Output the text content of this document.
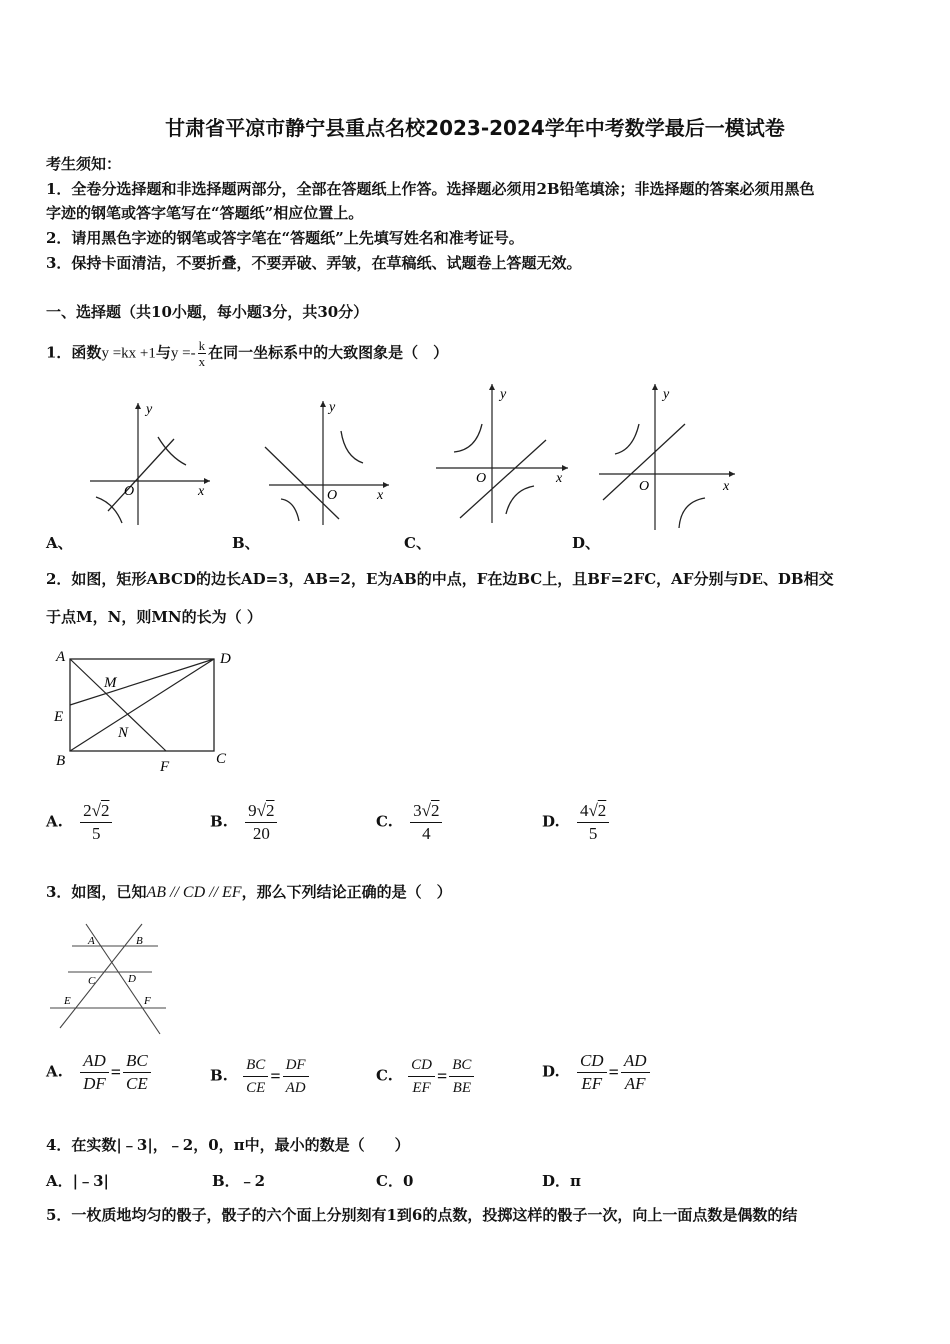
甘肃省平凉市静宁县重点名校2023-2024学年中考数学最后一模试卷
考生须知：
1．全卷分选择题和非选择题两部分，全部在答题纸上作答。选择题必须用2B铅笔填涂；非选择题的答案必须用黑色
字迹的钢笔或答字笔写在“答题纸”相应位置上。
2．请用黑色字迹的钢笔或答字笔在“答题纸”上先填写姓名和准考证号。
3．保持卡面清洁，不要折叠，不要弄破、弄皱，在草稿纸、试题卷上答题无效。
一、选择题（共10小题，每小题3分，共30分）
1．函数y =kx +1与$y =- \frac{k}{x}$ 在同一坐标系中的大致图象是（　）
y
x
O
A、
y
x
O
B、
y
x
O
C、
y
x
O
D、
2．如图，矩形ABCD的边长AD=3，AB=2，E为AB的中点，F在边BC上，且BF=2FC，AF分别与DE、DB相交
于点M，N，则MN的长为（ ）
A	D
E
B	C
F
M
N
A. $\frac{2√2}{5}$	B. $\frac{9√2}{20}$	C. $\frac{3√2}{4}$	D. $\frac{4√2}{5}$
3．如图，已知AB // CD // EF，那么下列结论正确的是（　）
A	B
C	D
E	F
A. $\frac{AD}{DF} = \frac{BC}{CE}$	B. $\frac{BC}{CE} = \frac{DF}{AD}$	C. $\frac{CD}{EF} = \frac{BC}{BE}$	D. $\frac{CD}{EF} = \frac{AD}{AF}$
4．在实数|﹣3|，﹣2，0，π中，最小的数是（　　）
A．|﹣3|	B．﹣2	C．0	D．π
5．一枚质地均匀的骰子，骰子的六个面上分别刻有1到6的点数，投掷这样的骰子一次，向上一面点数是偶数的结
